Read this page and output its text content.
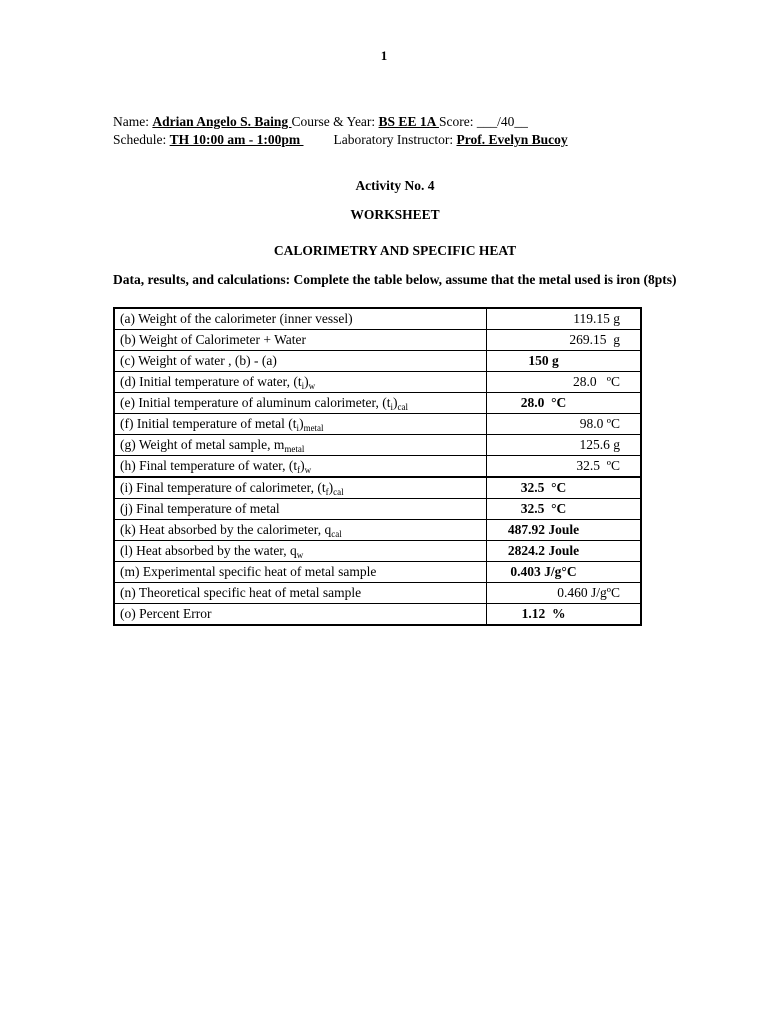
1
Name: Adrian Angelo S. Baing Course & Year: BS EE 1A Score: ___/40__
Schedule: TH 10:00 am - 1:00pm Laboratory Instructor: Prof. Evelyn Bucoy
Activity No. 4
WORKSHEET
CALORIMETRY AND SPECIFIC HEAT
Data, results, and calculations: Complete the table below, assume that the metal used is iron (8pts)
(a) Weight of the calorimeter (inner vessel)	119.15 g
(b) Weight of Calorimeter + Water	269.15  g
(c) Weight of water , (b) - (a)	150 g
(d) Initial temperature of water, $(t_i)_w$	28.0   ºC
(e) Initial temperature of aluminum calorimeter, $(t_i)_{cal}$	28.0  °C
(f) Initial temperature of metal $(t_i)_{metal}$	98.0 ºC
(g) Weight of metal sample, $m_{metal}$	125.6 g
(h) Final temperature of water, $(t_f)_w$	32.5  ºC
(i) Final temperature of calorimeter, $(t_f)_{cal}$	32.5  °C
(j) Final temperature of metal	32.5  °C
(k) Heat absorbed by the calorimeter, $q_{cal}$	487.92 Joule
(l) Heat absorbed by the water, $q_w$	2824.2 Joule
(m) Experimental specific heat of metal sample	0.403 J/g°C
(n) Theoretical specific heat of metal sample	0.460 J/gºC
(o) Percent Error	1.12  %
